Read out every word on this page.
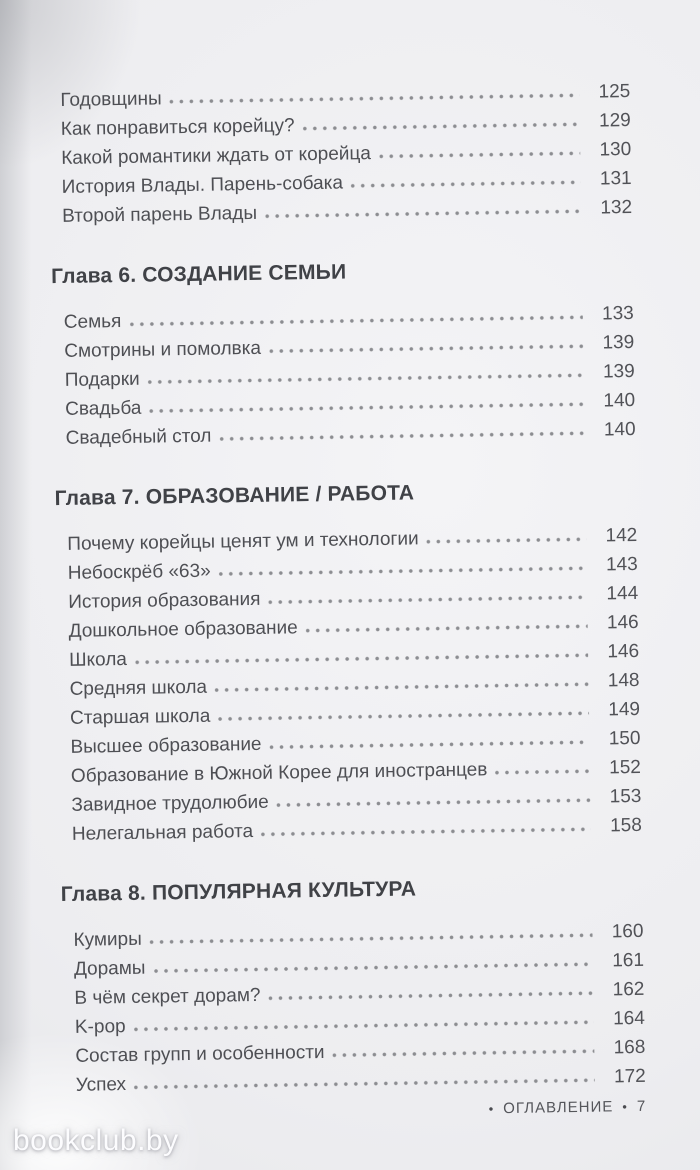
Годовщины	125
Как понравиться корейцу?	129
Какой романтики ждать от корейца	130
История Влады. Парень-собака	131
Второй парень Влады	132
Глава 6. СОЗДАНИЕ СЕМЬИ
Семья	133
Смотрины и помолвка	139
Подарки	139
Свадьба	140
Свадебный стол	140
Глава 7. ОБРАЗОВАНИЕ / РАБОТА
Почему корейцы ценят ум и технологии	142
Небоскрёб «63»	143
История образования	144
Дошкольное образование	146
Школа	146
Средняя школа	148
Старшая школа	149
Высшее образование	150
Образование в Южной Корее для иностранцев	152
Завидное трудолюбие	153
Нелегальная работа	158
Глава 8. ПОПУЛЯРНАЯ КУЛЬТУРА
Кумиры	160
Дорамы	161
В чём секрет дорам?	162
K-pop	164
Состав групп и особенности	168
Успех	172
• ОГЛАВЛЕНИЕ • 7
bookclub.by
